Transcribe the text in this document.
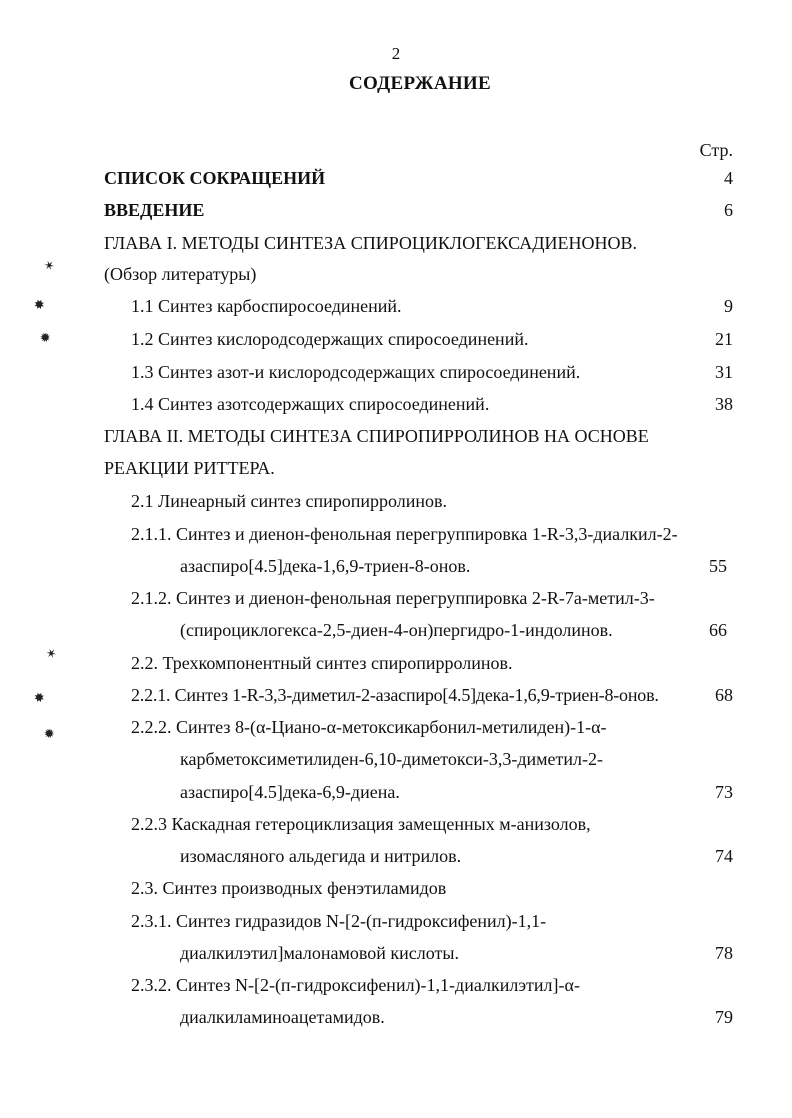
2
СОДЕРЖАНИЕ
Стр.
СПИСОК СОКРАЩЕНИЙ	4
ВВЕДЕНИЕ	6
ГЛАВА I. МЕТОДЫ СИНТЕЗА СПИРОЦИКЛОГЕКСАДИЕНОНОВ.
(Обзор литературы)
1.1 Синтез карбоспиросоединений.	9
1.2 Синтез кислородсодержащих спиросоединений.	21
1.3 Синтез азот-и кислородсодержащих спиросоединений.	31
1.4 Синтез азотсодержащих спиросоединений.	38
ГЛАВА II. МЕТОДЫ СИНТЕЗА СПИРОПИРРОЛИНОВ НА ОСНОВЕ
РЕАКЦИИ РИТТЕРА.
2.1 Линеарный синтез спиропирролинов.
2.1.1. Синтез и диенон-фенольная перегруппировка 1-R-3,3-диалкил-2-
азаспиро[4.5]дека-1,6,9-триен-8-онов.	55
2.1.2. Синтез и диенон-фенольная перегруппировка 2-R-7а-метил-3-
(спироциклогекса-2,5-диен-4-он)пергидро-1-индолинов.	66
2.2. Трехкомпонентный синтез спиропирролинов.
2.2.1. Синтез 1-R-3,3-диметил-2-азаспиро[4.5]дека-1,6,9-триен-8-онов.	68
2.2.2. Синтез 8-(α-Циано-α-метоксикарбонил-метилиден)-1-α-
карбметоксиметилиден-6,10-диметокси-3,3-диметил-2-
азаспиро[4.5]дека-6,9-диена.	73
2.2.3 Каскадная гетероциклизация замещенных м-анизолов,
изомасляного альдегида и нитрилов.	74
2.3. Синтез производных фенэтиламидов
2.3.1. Синтез гидразидов N-[2-(п-гидроксифенил)-1,1-
диалкилэтил]малонамовой кислоты.	78
2.3.2. Синтез N-[2-(п-гидроксифенил)-1,1-диалкилэтил]-α-
диалкиламиноацетамидов.	79
✶
✸
✹
✶
✸
✹
